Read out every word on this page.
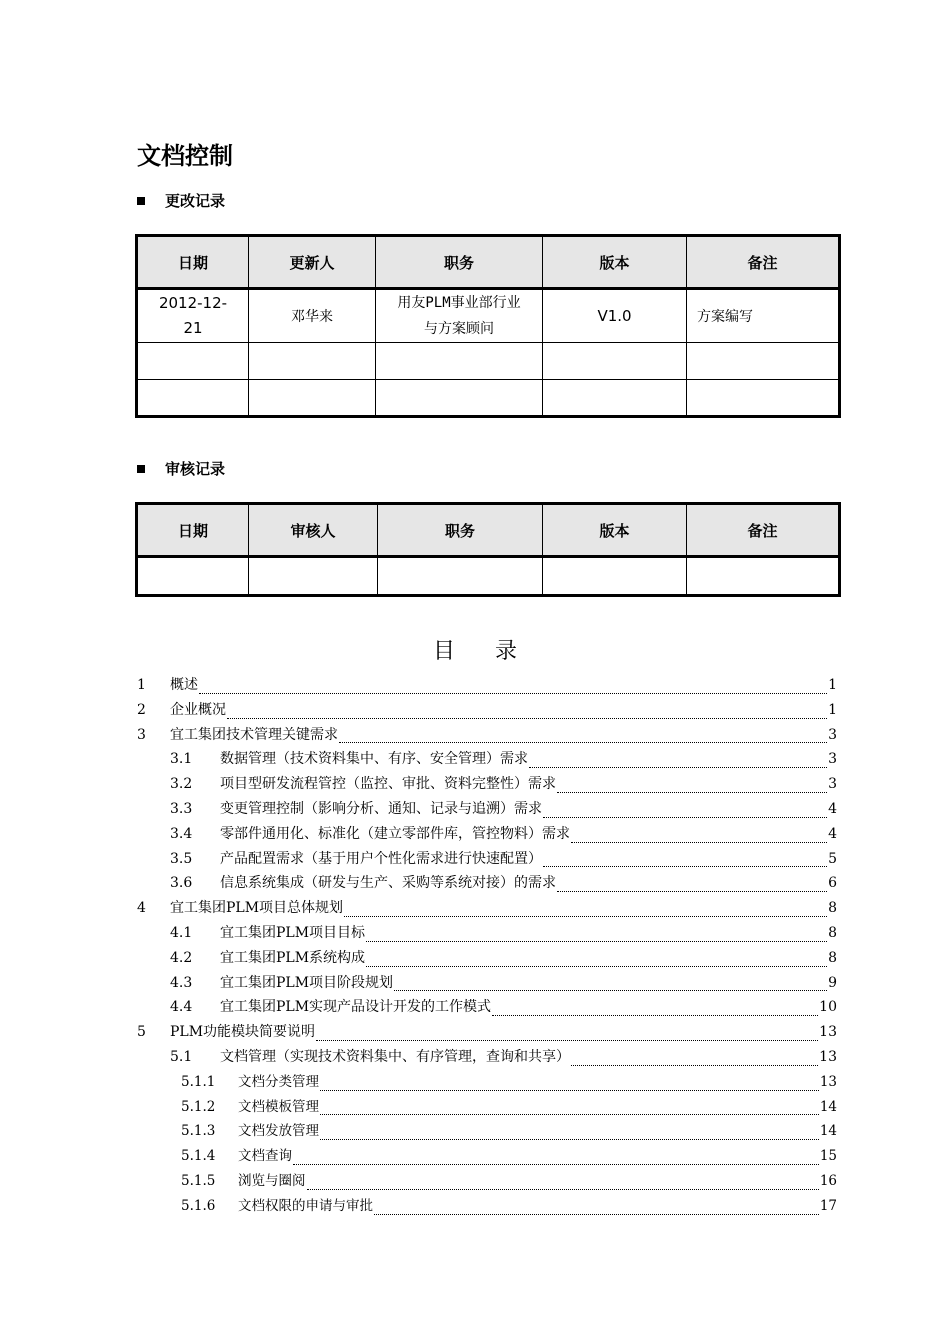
文档控制
更改记录
日期	更新人	职务	版本	备注
2012-12-21	邓华来	用友PLM事业部行业与方案顾问	V1.0	方案编写

审核记录
日期	审核人	职务	版本	备注

目录
1	概述	1
2	企业概况	1
3	宜工集团技术管理关键需求	3
3.1	数据管理（技术资料集中、有序、安全管理）需求	3
3.2	项目型研发流程管控（监控、审批、资料完整性）需求	3
3.3	变更管理控制（影响分析、通知、记录与追溯）需求	4
3.4	零部件通用化、标准化（建立零部件库，管控物料）需求	4
3.5	产品配置需求（基于用户个性化需求进行快速配置）	5
3.6	信息系统集成（研发与生产、采购等系统对接）的需求	6
4	宜工集团PLM项目总体规划	8
4.1	宜工集团PLM项目目标	8
4.2	宜工集团PLM系统构成	8
4.3	宜工集团PLM项目阶段规划	9
4.4	宜工集团PLM实现产品设计开发的工作模式	10
5	PLM功能模块简要说明	13
5.1	文档管理（实现技术资料集中、有序管理，查询和共享）	13
5.1.1	文档分类管理	13
5.1.2	文档模板管理	14
5.1.3	文档发放管理	14
5.1.4	文档查询	15
5.1.5	浏览与圈阅	16
5.1.6	文档权限的申请与审批	17
